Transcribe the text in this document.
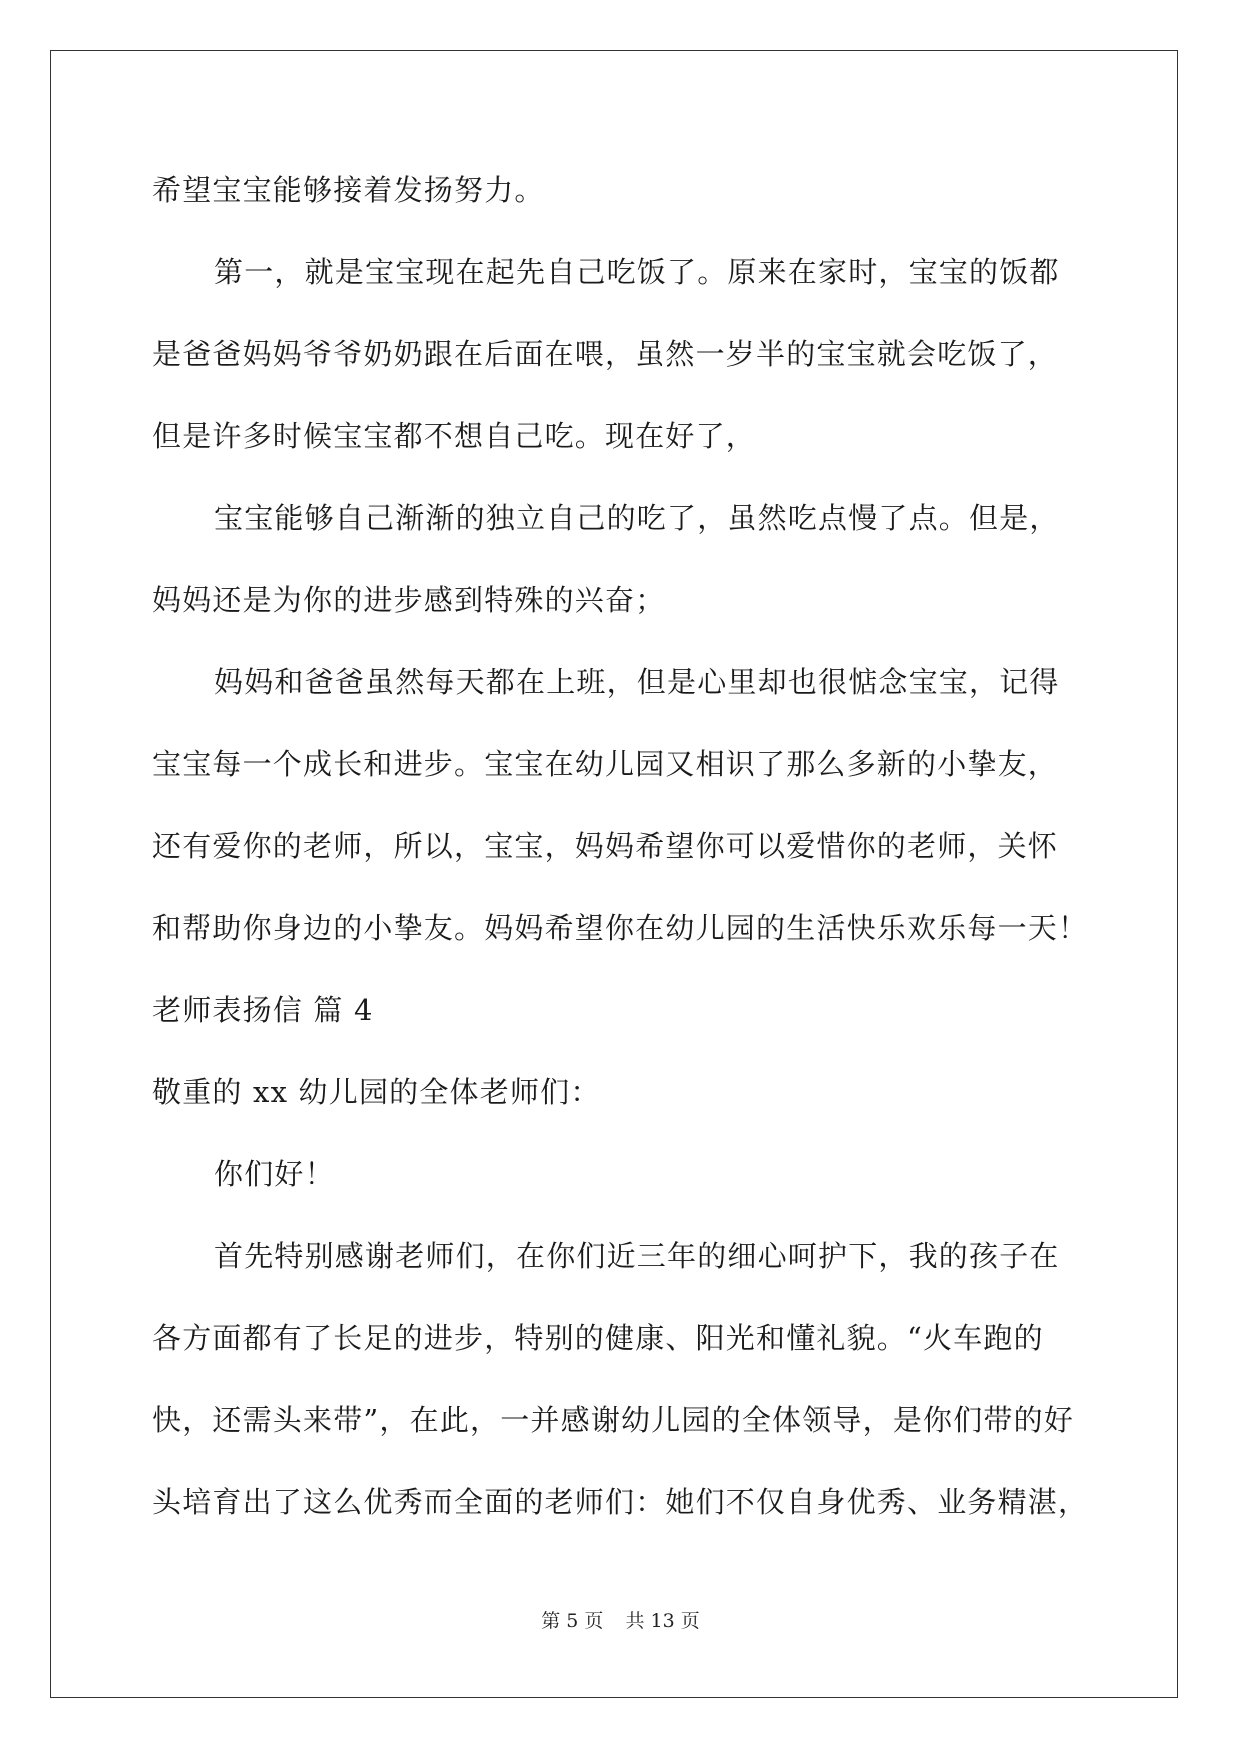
希望宝宝能够接着发扬努力。
第一，就是宝宝现在起先自己吃饭了。原来在家时，宝宝的饭都
是爸爸妈妈爷爷奶奶跟在后面在喂，虽然一岁半的宝宝就会吃饭了，
但是许多时候宝宝都不想自己吃。现在好了，
宝宝能够自己渐渐的独立自己的吃了，虽然吃点慢了点。但是，
妈妈还是为你的进步感到特殊的兴奋；
妈妈和爸爸虽然每天都在上班，但是心里却也很惦念宝宝，记得
宝宝每一个成长和进步。宝宝在幼儿园又相识了那么多新的小挚友，
还有爱你的老师，所以，宝宝，妈妈希望你可以爱惜你的老师，关怀
和帮助你身边的小挚友。妈妈希望你在幼儿园的生活快乐欢乐每一天！
老师表扬信 篇 4
敬重的 xx 幼儿园的全体老师们：
你们好！
首先特别感谢老师们，在你们近三年的细心呵护下，我的孩子在
各方面都有了长足的进步，特别的健康、阳光和懂礼貌。“火车跑的
快，还需头来带”，在此，一并感谢幼儿园的全体领导，是你们带的好
头培育出了这么优秀而全面的老师们：她们不仅自身优秀、业务精湛，
第 5 页 共 13 页
